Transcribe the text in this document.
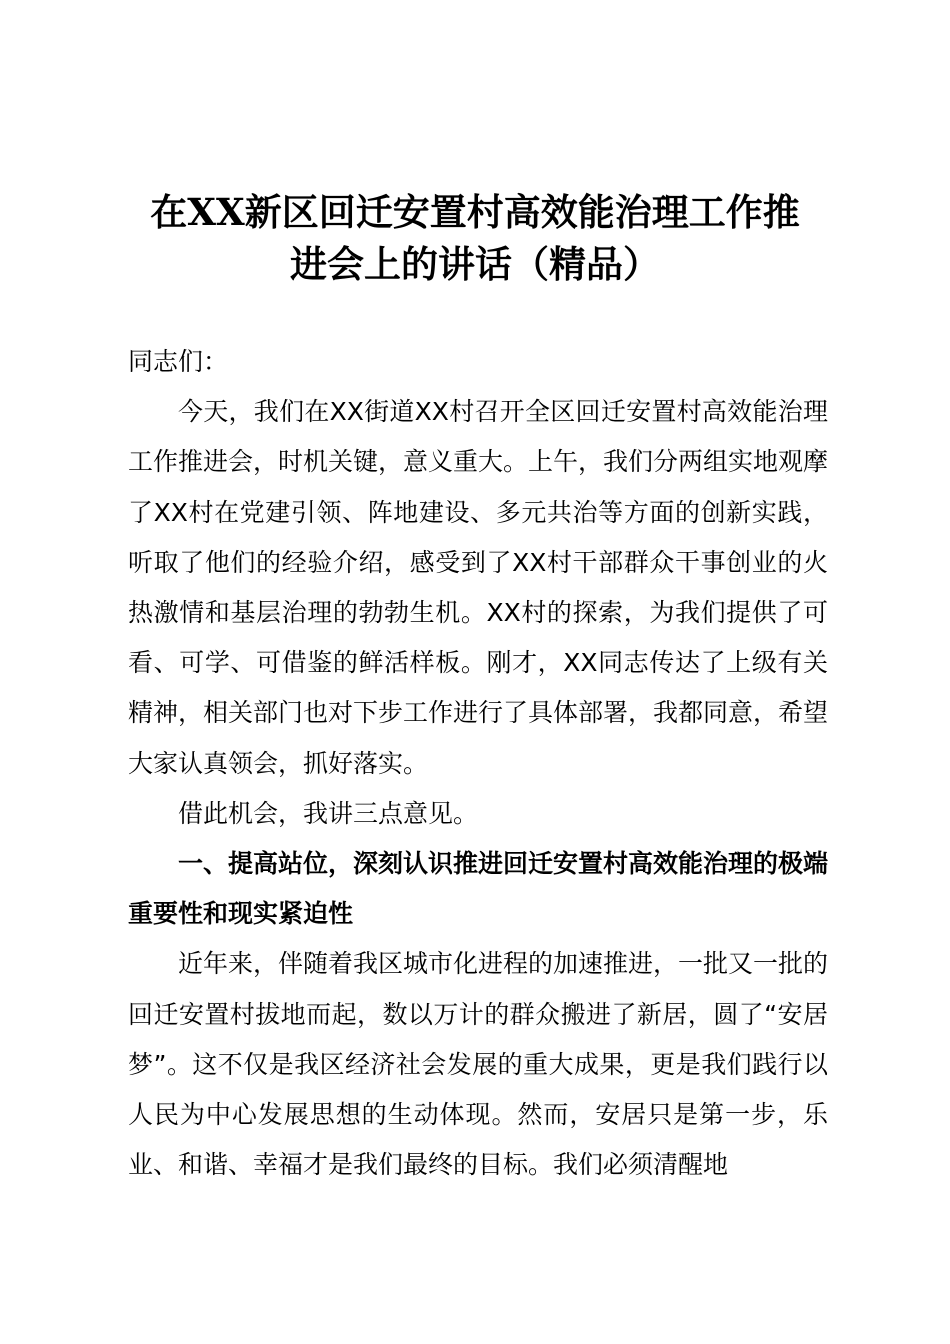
在XX新区回迁安置村高效能治理工作推
进会上的讲话（精品）

同志们：

今天，我们在XX街道XX村召开全区回迁安置村高效能治理工作推进会，时机关键，意义重大。上午，我们分两组实地观摩了XX村在党建引领、阵地建设、多元共治等方面的创新实践，听取了他们的经验介绍，感受到了XX村干部群众干事创业的火热激情和基层治理的勃勃生机。XX村的探索，为我们提供了可看、可学、可借鉴的鲜活样板。刚才，XX同志传达了上级有关精神，相关部门也对下步工作进行了具体部署，我都同意，希望大家认真领会，抓好落实。

借此机会，我讲三点意见。

一、提高站位，深刻认识推进回迁安置村高效能治理的极端重要性和现实紧迫性

近年来，伴随着我区城市化进程的加速推进，一批又一批的回迁安置村拔地而起，数以万计的群众搬进了新居，圆了“安居梦”。这不仅是我区经济社会发展的重大成果，更是我们践行以人民为中心发展思想的生动体现。然而，安居只是第一步，乐业、和谐、幸福才是我们最终的目标。我们必须清醒地
